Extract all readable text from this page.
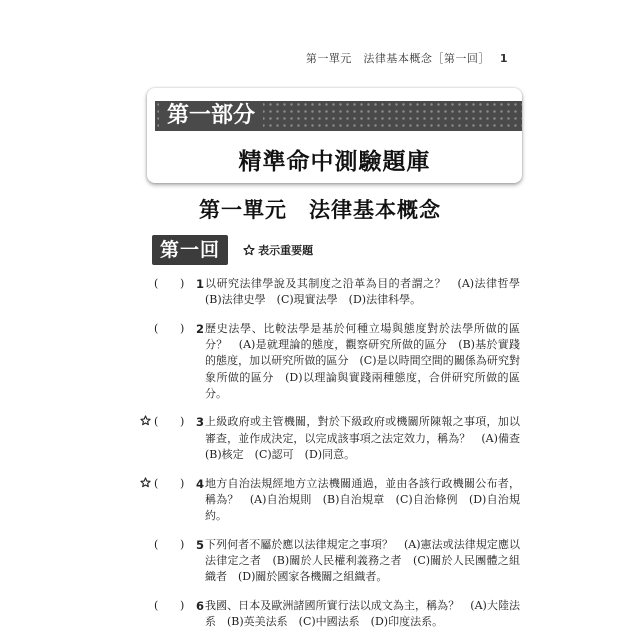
第一單元　法律基本概念［第一回］ 1
第一部分
精準命中測驗題庫
第一單元　法律基本概念
第一回	表示重要題
( ) 1 以研究法律學說及其制度之沿革為目的者謂之？　(A)法律哲學　(B)法律史學　(C)現實法學　(D)法律科學。
( ) 2 歷史法學、比較法學是基於何種立場與態度對於法學所做的區分？　(A)是就理論的態度，觀察研究所做的區分　(B)基於實踐的態度，加以研究所做的區分　(C)是以時間空間的關係為研究對象所做的區分　(D)以理論與實踐兩種態度，合併研究所做的區分。
( ) 3 上級政府或主管機關，對於下級政府或機關所陳報之事項，加以審查，並作成決定，以完成該事項之法定效力，稱為？　(A)備查　(B)核定　(C)認可　(D)同意。
( ) 4 地方自治法規經地方立法機關通過，並由各該行政機關公布者，稱為？　(A)自治規則　(B)自治規章　(C)自治條例　(D)自治規約。
( ) 5 下列何者不屬於應以法律規定之事項？　(A)憲法或法律規定應以法律定之者　(B)關於人民權利義務之者　(C)關於人民團體之組織者　(D)關於國家各機關之組織者。
( ) 6 我國、日本及歐洲諸國所實行法以成文為主，稱為？　(A)大陸法系　(B)英美法系　(C)中國法系　(D)印度法系。
